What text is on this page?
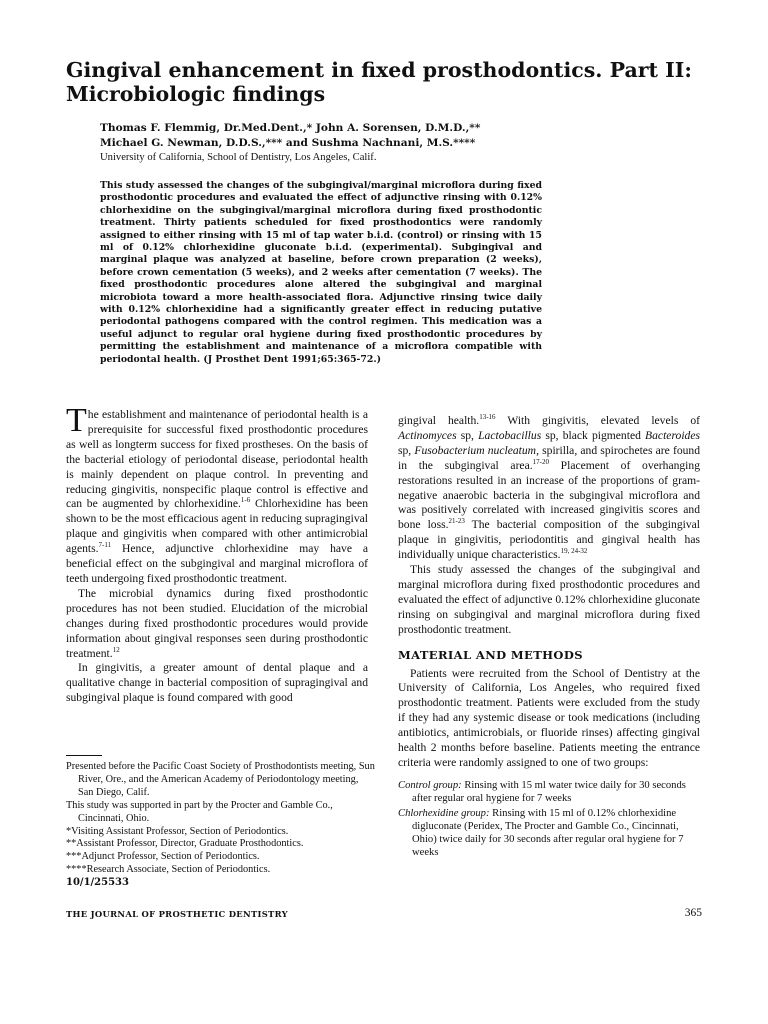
Gingival enhancement in fixed prosthodontics. Part II: Microbiologic findings
Thomas F. Flemmig, Dr.Med.Dent.,* John A. Sorensen, D.M.D.,**
Michael G. Newman, D.D.S.,*** and Sushma Nachnani, M.S.****
University of California, School of Dentistry, Los Angeles, Calif.

This study assessed the changes of the subgingival/marginal microflora during fixed prosthodontic procedures and evaluated the effect of adjunctive rinsing with 0.12% chlorhexidine on the subgingival/marginal microflora during fixed prosthodontic treatment. Thirty patients scheduled for fixed prosthodontics were randomly assigned to either rinsing with 15 ml of tap water b.i.d. (control) or rinsing with 15 ml of 0.12% chlorhexidine gluconate b.i.d. (experimental). Subgingival and marginal plaque was analyzed at baseline, before crown preparation (2 weeks), before crown cementation (5 weeks), and 2 weeks after cementation (7 weeks). The fixed prosthodontic procedures alone altered the subgingival and marginal microbiota toward a more health-associated flora. Adjunctive rinsing twice daily with 0.12% chlorhexidine had a significantly greater effect in reducing putative periodontal pathogens compared with the control regimen. This medication was a useful adjunct to regular oral hygiene during fixed prosthodontic procedures by permitting the establishment and maintenance of a microflora compatible with periodontal health. (J Prosthet Dent 1991;65:365-72.)

The establishment and maintenance of periodontal health is a prerequisite for successful fixed prosthodontic procedures as well as longterm success for fixed prostheses. On the basis of the bacterial etiology of periodontal disease, periodontal health is mainly dependent on plaque control. In preventing and reducing gingivitis, nonspecific plaque control is effective and can be augmented by chlorhexidine.$^{1-6}$ Chlorhexidine has been shown to be the most efficacious agent in reducing supragingival plaque and gingivitis when compared with other antimicrobial agents.$^{7-11}$ Hence, adjunctive chlorhexidine may have a beneficial effect on the subgingival and marginal microflora of teeth undergoing fixed prosthodontic treatment.

The microbial dynamics during fixed prosthodontic procedures has not been studied. Elucidation of the microbial changes during fixed prosthodontic procedures would provide information about gingival responses seen during prosthodontic treatment.$^{12}$

In gingivitis, a greater amount of dental plaque and a qualitative change in bacterial composition of supragingival and subgingival plaque is found compared with good

gingival health.$^{13-16}$ With gingivitis, elevated levels of Actinomyces sp, Lactobacillus sp, black pigmented Bacteroides sp, Fusobacterium nucleatum, spirilla, and spirochetes are found in the subgingival area.$^{17-20}$ Placement of overhanging restorations resulted in an increase of the proportions of gram-negative anaerobic bacteria in the subgingival microflora and was positively correlated with increased gingivitis scores and bone loss.$^{21-23}$ The bacterial composition of the subgingival plaque in gingivitis, periodontitis and gingival health has individually unique characteristics.$^{19, 24-32}$

This study assessed the changes of the subgingival and marginal microflora during fixed prosthodontic procedures and evaluated the effect of adjunctive 0.12% chlorhexidine gluconate rinsing on subgingival and marginal microflora during fixed prosthodontic treatment.

MATERIAL AND METHODS

Patients were recruited from the School of Dentistry at the University of California, Los Angeles, who required fixed prosthodontic treatment. Patients were excluded from the study if they had any systemic disease or took medications (including antibiotics, antimicrobials, or fluoride rinses) affecting gingival health 2 months before baseline. Patients meeting the entrance criteria were randomly assigned to one of two groups:

Control group: Rinsing with 15 ml water twice daily for 30 seconds after regular oral hygiene for 7 weeks

Chlorhexidine group: Rinsing with 15 ml of 0.12% chlorhexidine digluconate (Peridex, The Procter and Gamble Co., Cincinnati, Ohio) twice daily for 30 seconds after regular oral hygiene for 7 weeks

Presented before the Pacific Coast Society of Prosthodontists meeting, Sun River, Ore., and the American Academy of Periodontology meeting, San Diego, Calif.

This study was supported in part by the Procter and Gamble Co., Cincinnati, Ohio.

*Visiting Assistant Professor, Section of Periodontics.

**Assistant Professor, Director, Graduate Prosthodontics.

***Adjunct Professor, Section of Periodontics.

****Research Associate, Section of Periodontics.

10/1/25533

THE JOURNAL OF PROSTHETIC DENTISTRY	365
